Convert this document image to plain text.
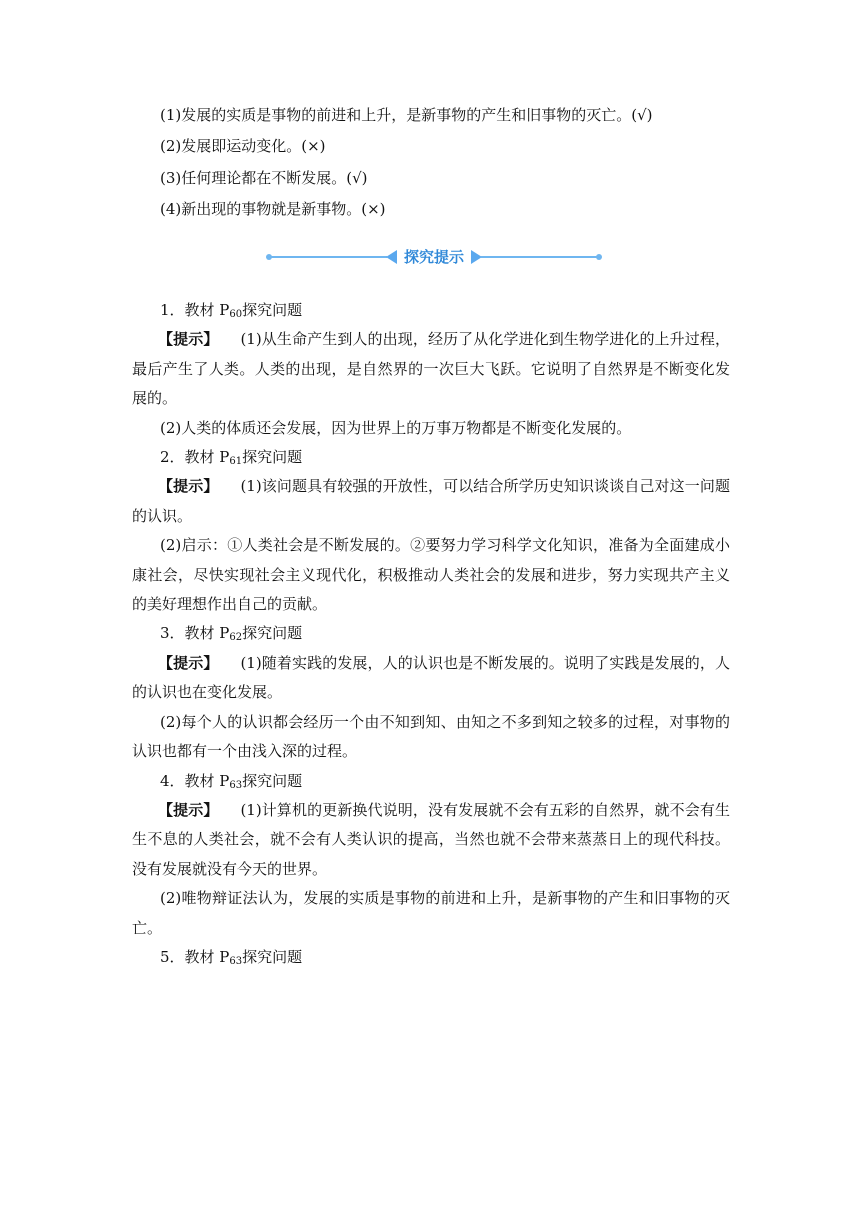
(1)发展的实质是事物的前进和上升，是新事物的产生和旧事物的灭亡。(√)

(2)发展即运动变化。(×)

(3)任何理论都在不断发展。(√)

(4)新出现的事物就是新事物。(×)

探究提示

1．教材 $P_{60}$探究问题

【提示】 (1)从生命产生到人的出现，经历了从化学进化到生物学进化的上升过程，最后产生了人类。人类的出现，是自然界的一次巨大飞跃。它说明了自然界是不断变化发展的。

(2)人类的体质还会发展，因为世界上的万事万物都是不断变化发展的。

2．教材 $P_{61}$探究问题

【提示】 (1)该问题具有较强的开放性，可以结合所学历史知识谈谈自己对这一问题的认识。

(2)启示：①人类社会是不断发展的。②要努力学习科学文化知识，准备为全面建成小康社会，尽快实现社会主义现代化，积极推动人类社会的发展和进步，努力实现共产主义的美好理想作出自己的贡献。

3．教材 $P_{62}$探究问题

【提示】 (1)随着实践的发展，人的认识也是不断发展的。说明了实践是发展的，人的认识也在变化发展。

(2)每个人的认识都会经历一个由不知到知、由知之不多到知之较多的过程，对事物的认识也都有一个由浅入深的过程。

4．教材 $P_{63}$探究问题

【提示】 (1)计算机的更新换代说明，没有发展就不会有五彩的自然界，就不会有生生不息的人类社会，就不会有人类认识的提高，当然也就不会带来蒸蒸日上的现代科技。没有发展就没有今天的世界。

(2)唯物辩证法认为，发展的实质是事物的前进和上升，是新事物的产生和旧事物的灭亡。

5．教材 $P_{63}$探究问题
